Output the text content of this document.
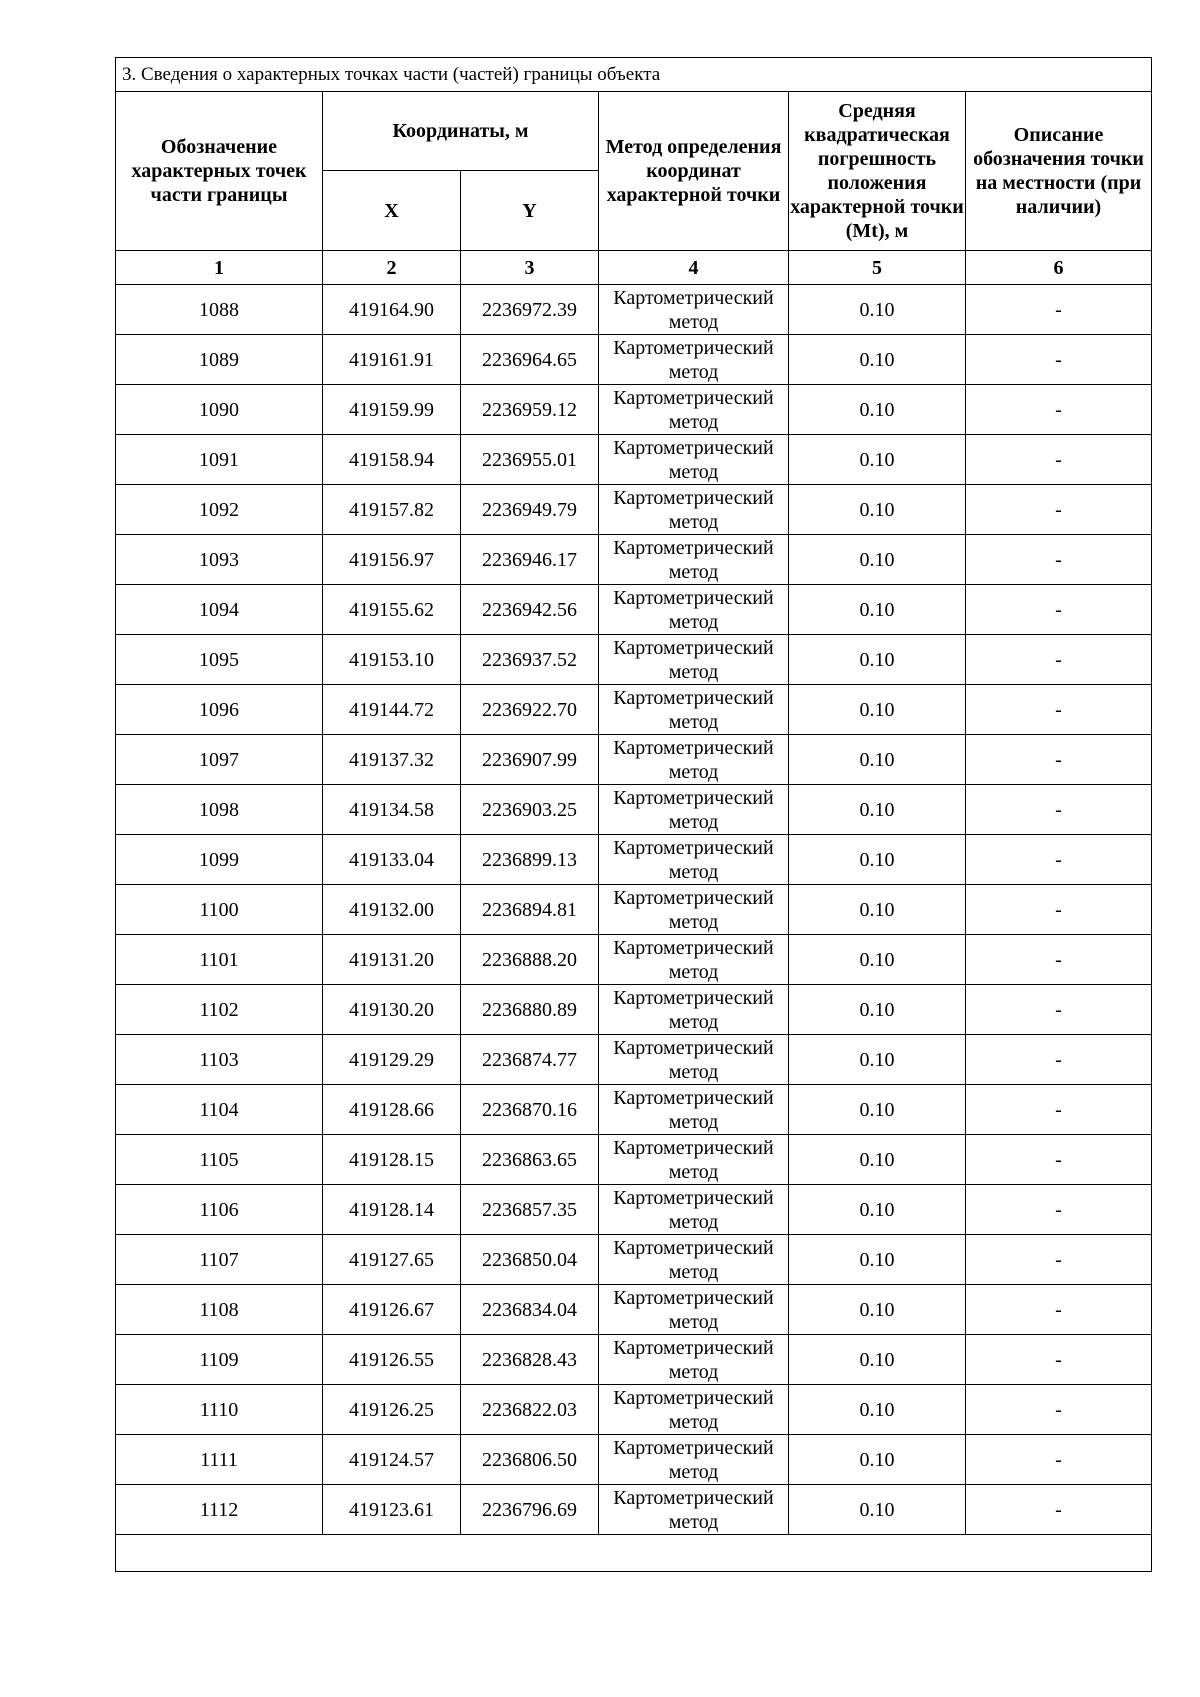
3. Сведения о характерных точках части (частей) границы объекта					
Обозначение характерных точек части границы	Координаты, м		Метод определения координат характерной точки	Средняя квадратическая погрешность положения характерной точки (Mt), м	Описание обозначения точки на местности (при наличии)
	X	Y			
1	2	3	4	5	6
1088	419164.90	2236972.39	Картометрический метод	0.10	-
1089	419161.91	2236964.65	Картометрический метод	0.10	-
1090	419159.99	2236959.12	Картометрический метод	0.10	-
1091	419158.94	2236955.01	Картометрический метод	0.10	-
1092	419157.82	2236949.79	Картометрический метод	0.10	-
1093	419156.97	2236946.17	Картометрический метод	0.10	-
1094	419155.62	2236942.56	Картометрический метод	0.10	-
1095	419153.10	2236937.52	Картометрический метод	0.10	-
1096	419144.72	2236922.70	Картометрический метод	0.10	-
1097	419137.32	2236907.99	Картометрический метод	0.10	-
1098	419134.58	2236903.25	Картометрический метод	0.10	-
1099	419133.04	2236899.13	Картометрический метод	0.10	-
1100	419132.00	2236894.81	Картометрический метод	0.10	-
1101	419131.20	2236888.20	Картометрический метод	0.10	-
1102	419130.20	2236880.89	Картометрический метод	0.10	-
1103	419129.29	2236874.77	Картометрический метод	0.10	-
1104	419128.66	2236870.16	Картометрический метод	0.10	-
1105	419128.15	2236863.65	Картометрический метод	0.10	-
1106	419128.14	2236857.35	Картометрический метод	0.10	-
1107	419127.65	2236850.04	Картометрический метод	0.10	-
1108	419126.67	2236834.04	Картометрический метод	0.10	-
1109	419126.55	2236828.43	Картометрический метод	0.10	-
1110	419126.25	2236822.03	Картометрический метод	0.10	-
1111	419124.57	2236806.50	Картометрический метод	0.10	-
1112	419123.61	2236796.69	Картометрический метод	0.10	-
